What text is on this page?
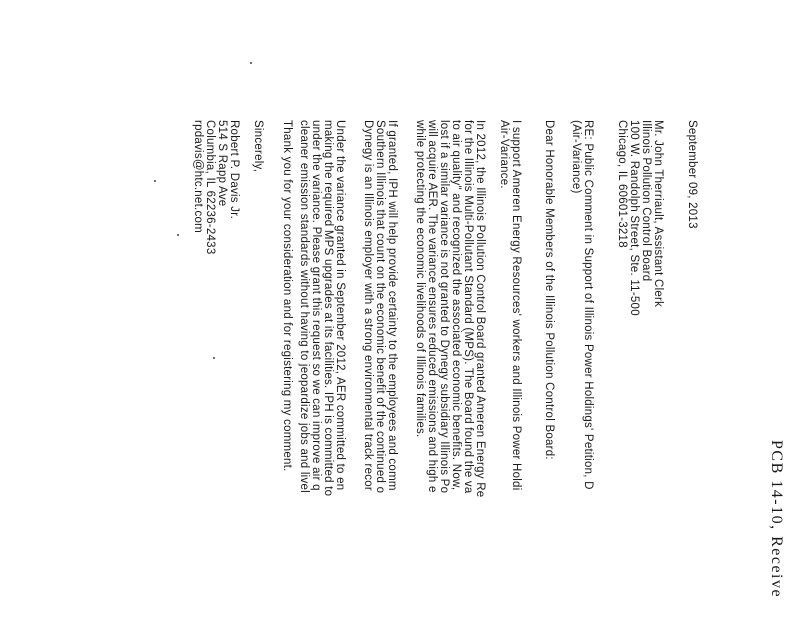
PCB 14-10, Receive
September 09, 2013
Mr. John Therriault, Assistant Clerk
Illinois Pollution Control Board
100 W. Randolph Street, Ste. 11-500
Chicago, IL 60601-3218
RE: Public Comment in Support of Illinois Power Holdings' Petition, D
(Air-Variance)
Dear Honorable Members of the Illinois Pollution Control Board:
I support Ameren Energy Resources' workers and Illinois Power Holdi
Air-Variance.
In 2012, the Illinois Pollution Control Board granted Ameren Energy Re
for the Illinois Multi-Pollutant Standard (MPS). The Board found the va
to air quality" and recognized the associated economic benefits. Now,
lost if a similar variance is not granted to Dynegy subsidiary Illinois Po
will acquire AER. The variance ensures reduced emissions and high e
while protecting the economic livelihoods of Illinois families.
If granted, IPH will help provide certainty to the employees and comm
Southern Illinois that count on the economic benefit of the continued o
Dynegy is an Illinois employer with a strong environmental track recor
Under the variance granted in September 2012, AER committed to en
making the required MPS upgrades at its facilities. IPH is committed to
under the variance. Please grant this request so we can improve air q
cleaner emission standards without having to jeopardize jobs and livel
Thank you for your consideration and for registering my comment.
Sincerely,
Robert P. Davis Jr.
514 S Rapp Ave
Columbia, IL 62236-2433
rpdavis@htc.net.com
